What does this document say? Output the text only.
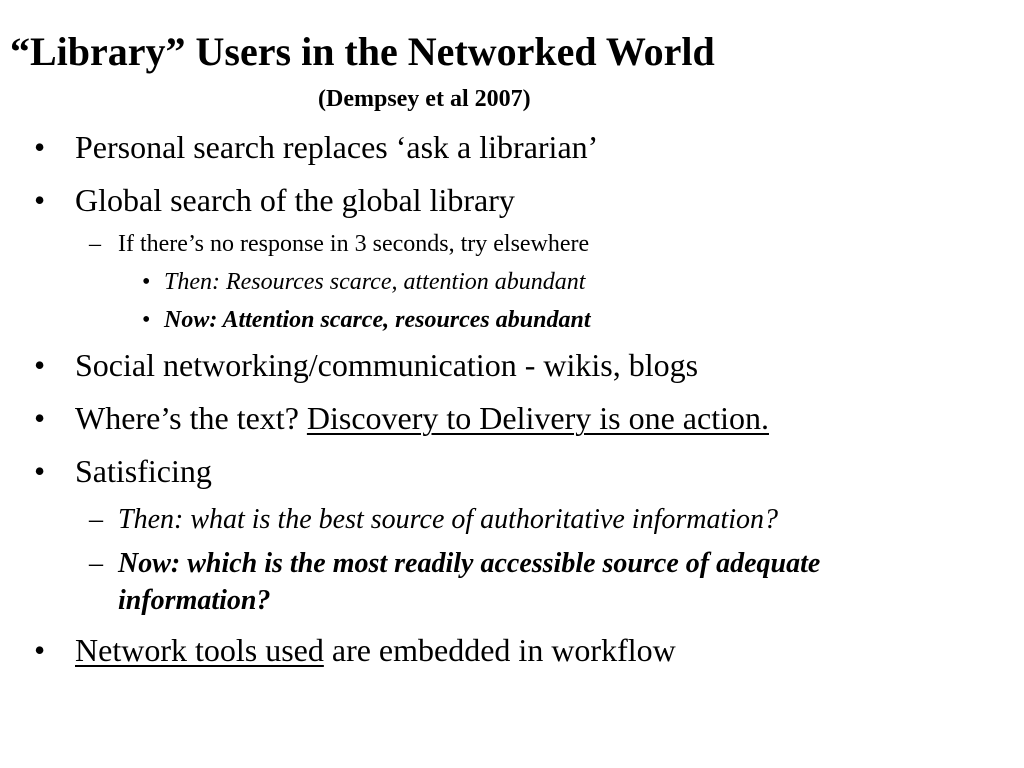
“Library” Users in the Networked World
(Dempsey et al 2007)
• Personal search replaces ‘ask a librarian’
• Global search of the global library
– If there’s no response in 3 seconds, try elsewhere
• Then: Resources scarce, attention abundant
• Now: Attention scarce, resources abundant
• Social networking/communication - wikis, blogs
• Where’s the text? Discovery to Delivery is one action.
• Satisficing
– Then: what is the best source of authoritative information?
– Now: which is the most readily accessible source of adequate
information?
• Network tools used are embedded in workflow
